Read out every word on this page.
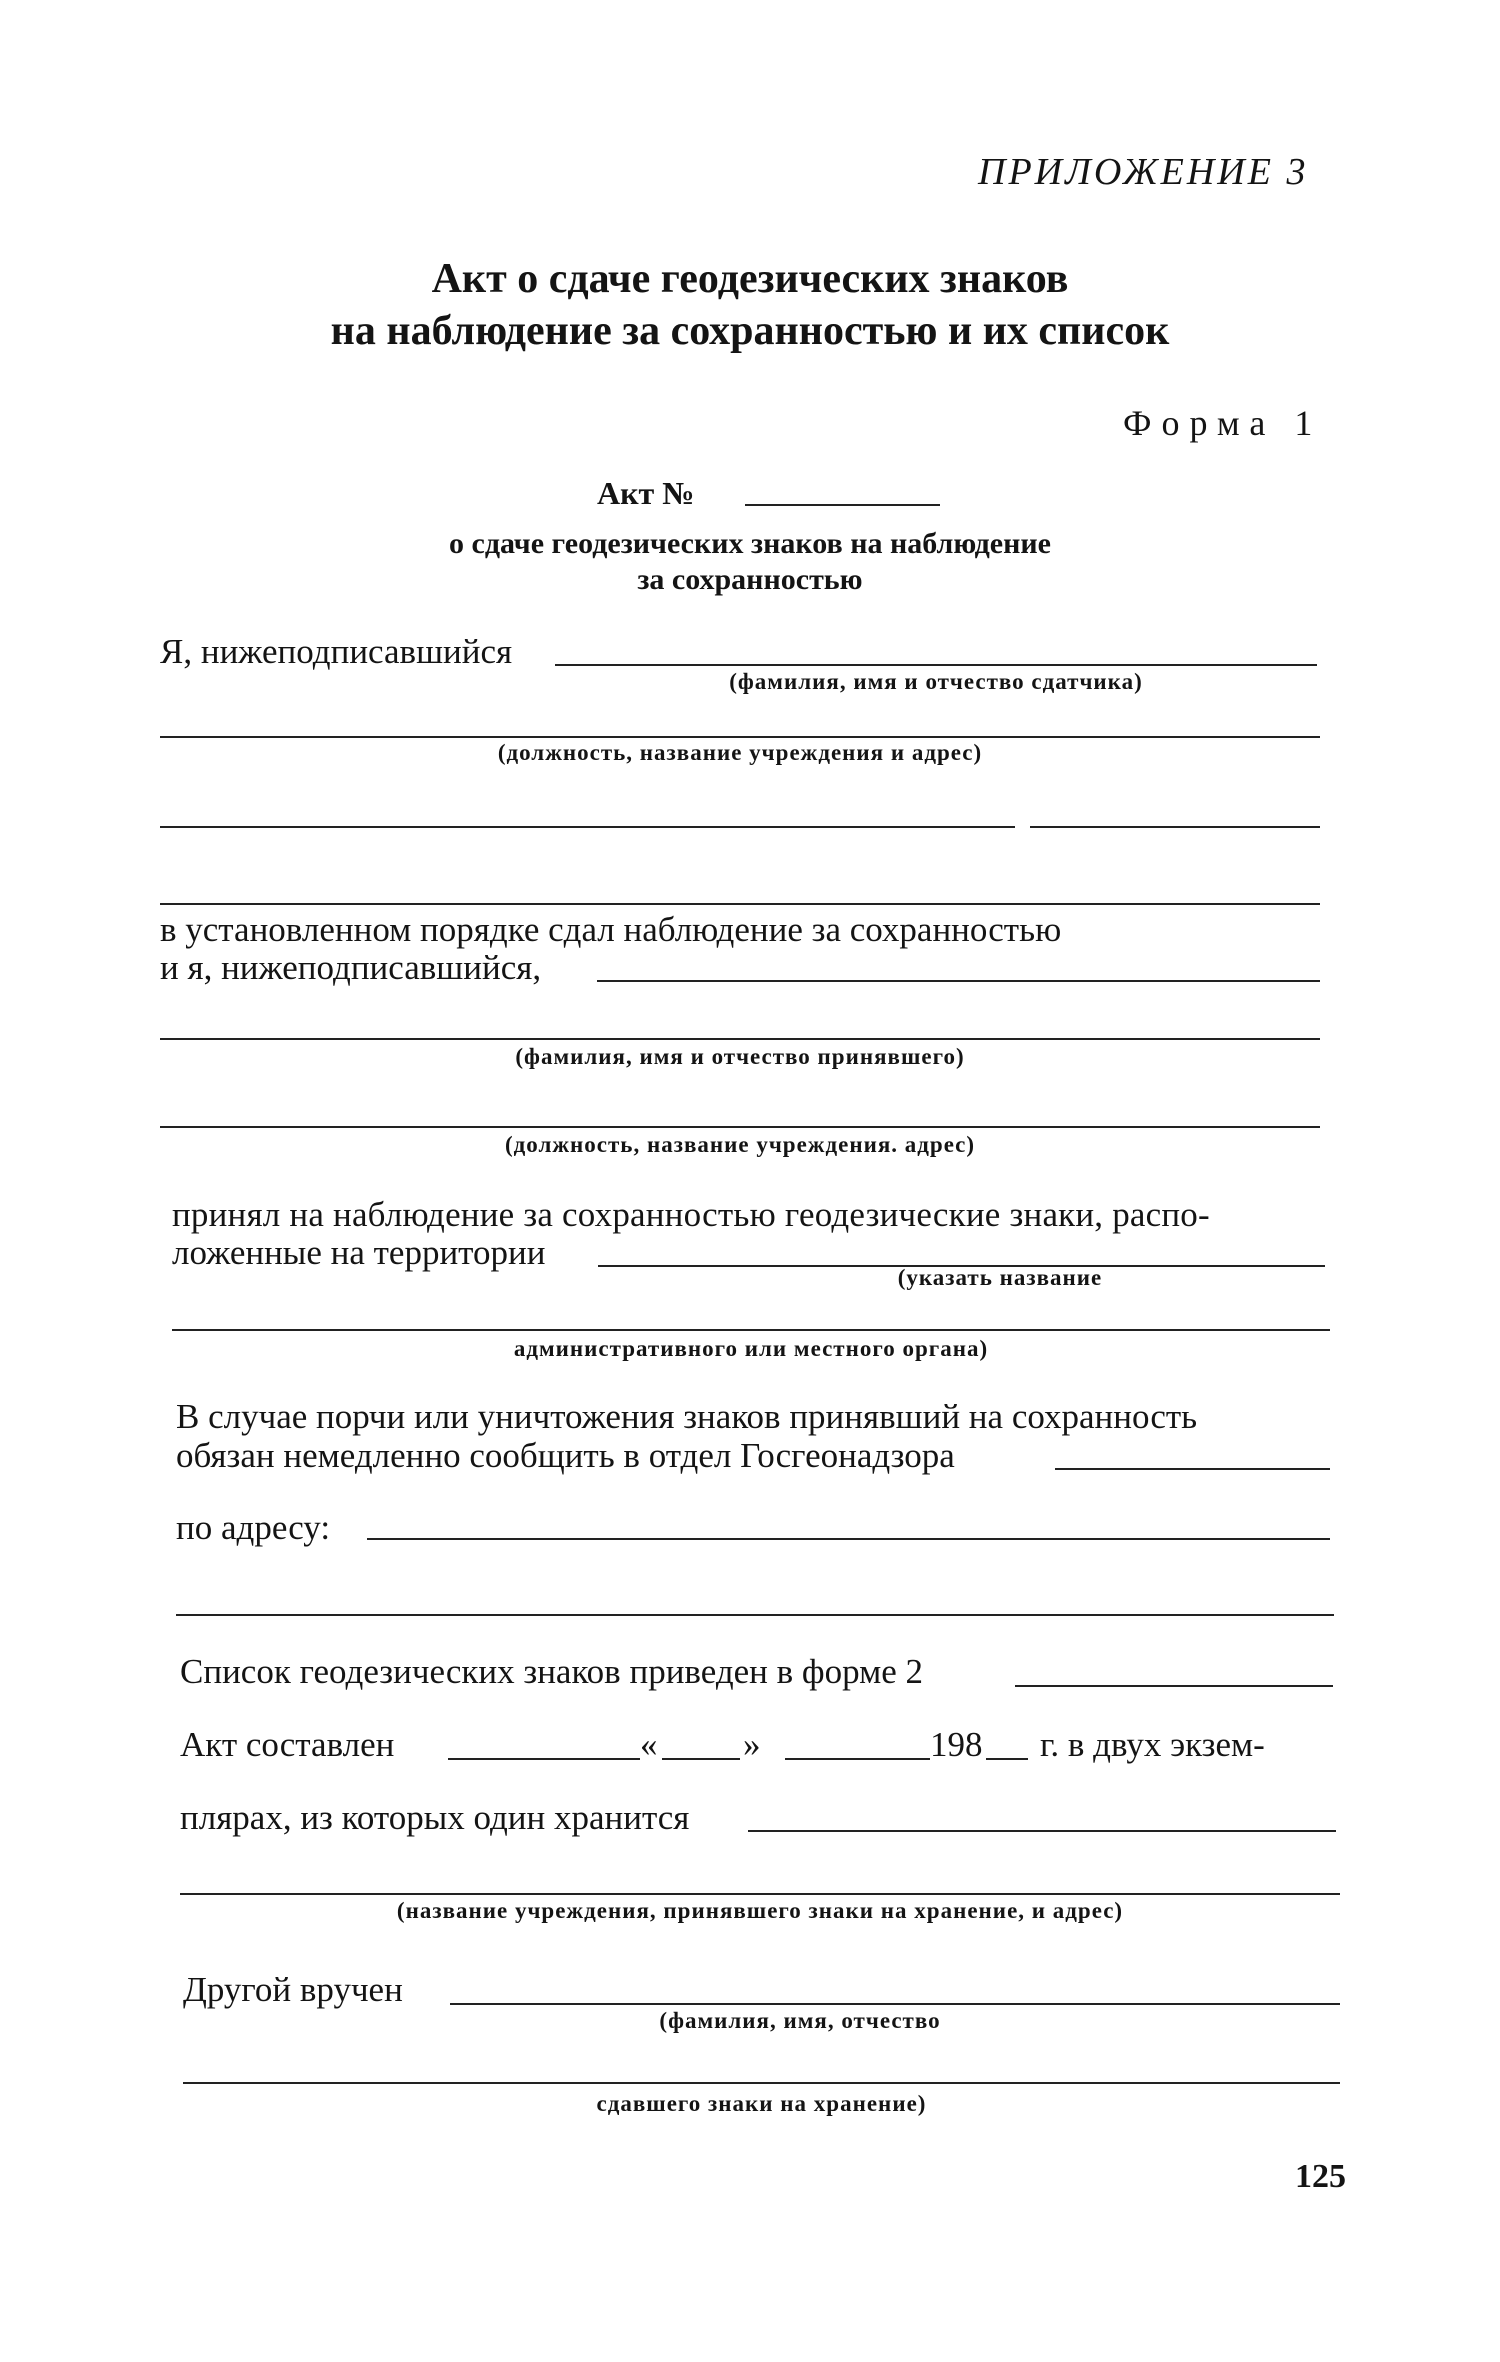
ПРИЛОЖЕНИЕ 3
Акт о сдаче геодезических знаков
на наблюдение за сохранностью и их список
Форма 1
Акт №
о сдаче геодезических знаков на наблюдение
за сохранностью
Я, нижеподписавшийся
(фамилия, имя и отчество сдатчика)
(должность, название учреждения и адрес)
в установленном порядке сдал наблюдение за сохранностью
и я, нижеподписавшийся,
(фамилия, имя и отчество принявшего)
(должность, название учреждения. адрес)
принял на наблюдение за сохранностью геодезические знаки, распо-
ложенные на территории
(указать название
административного или местного органа)
В случае порчи или уничтожения знаков принявший на сохранность
обязан немедленно сообщить в отдел Госгеонадзора
по адресу:
Список геодезических знаков приведен в форме 2
Акт составлен	« »	198 г. в двух экзем-
плярах, из которых один хранится
(название учреждения, принявшего знаки на хранение, и адрес)
Другой вручен
(фамилия, имя, отчество
сдавшего знаки на хранение)
125
